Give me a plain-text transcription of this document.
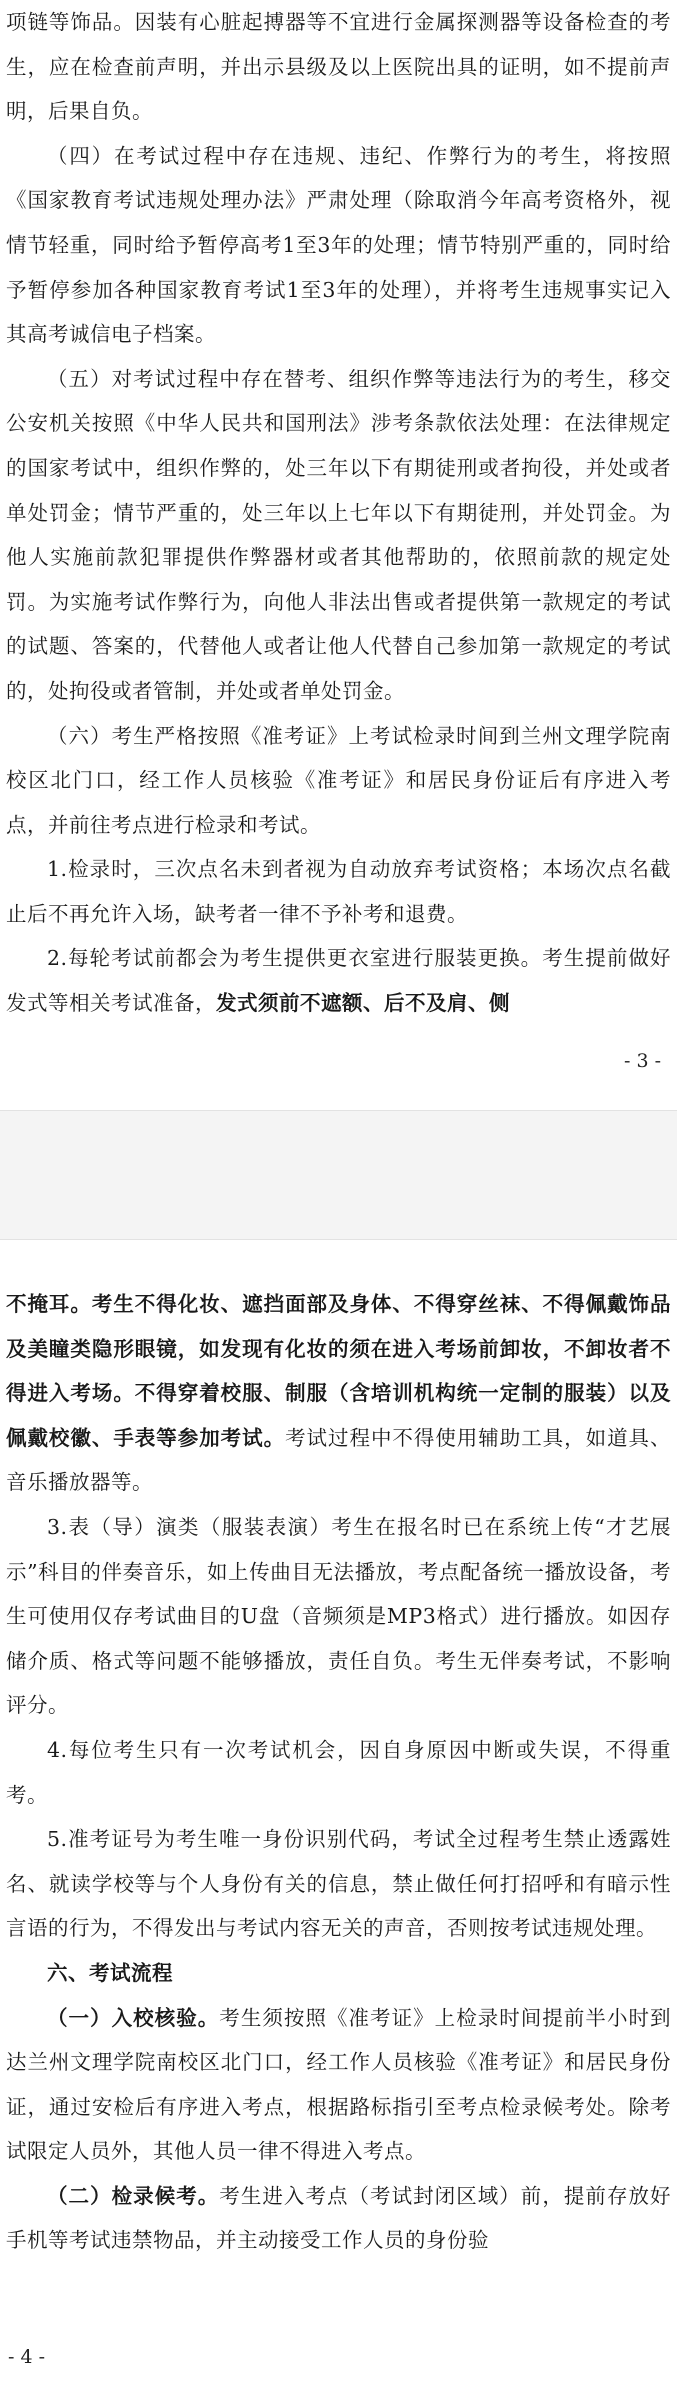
项链等饰品。因装有心脏起搏器等不宜进行金属探测器等设备检查的考生，应在检查前声明，并出示县级及以上医院出具的证明，如不提前声明，后果自负。

（四）在考试过程中存在违规、违纪、作弊行为的考生，将按照《国家教育考试违规处理办法》严肃处理（除取消今年高考资格外，视情节轻重，同时给予暂停高考1至3年的处理；情节特别严重的，同时给予暂停参加各种国家教育考试1至3年的处理），并将考生违规事实记入其高考诚信电子档案。

（五）对考试过程中存在替考、组织作弊等违法行为的考生，移交公安机关按照《中华人民共和国刑法》涉考条款依法处理：在法律规定的国家考试中，组织作弊的，处三年以下有期徒刑或者拘役，并处或者单处罚金；情节严重的，处三年以上七年以下有期徒刑，并处罚金。为他人实施前款犯罪提供作弊器材或者其他帮助的，依照前款的规定处罚。为实施考试作弊行为，向他人非法出售或者提供第一款规定的考试的试题、答案的，代替他人或者让他人代替自己参加第一款规定的考试的，处拘役或者管制，并处或者单处罚金。

（六）考生严格按照《准考证》上考试检录时间到兰州文理学院南校区北门口，经工作人员核验《准考证》和居民身份证后有序进入考点，并前往考点进行检录和考试。

1.检录时，三次点名未到者视为自动放弃考试资格；本场次点名截止后不再允许入场，缺考者一律不予补考和退费。

2.每轮考试前都会为考生提供更衣室进行服装更换。考生提前做好发式等相关考试准备，发式须前不遮额、后不及肩、侧

- 3 -

不掩耳。考生不得化妆、遮挡面部及身体、不得穿丝袜、不得佩戴饰品及美瞳类隐形眼镜，如发现有化妆的须在进入考场前卸妆，不卸妆者不得进入考场。不得穿着校服、制服（含培训机构统一定制的服装）以及佩戴校徽、手表等参加考试。考试过程中不得使用辅助工具，如道具、音乐播放器等。

3.表（导）演类（服装表演）考生在报名时已在系统上传“才艺展示”科目的伴奏音乐，如上传曲目无法播放，考点配备统一播放设备，考生可使用仅存考试曲目的U盘（音频须是MP3格式）进行播放。如因存储介质、格式等问题不能够播放，责任自负。考生无伴奏考试，不影响评分。

4.每位考生只有一次考试机会，因自身原因中断或失误，不得重考。

5.准考证号为考生唯一身份识别代码，考试全过程考生禁止透露姓名、就读学校等与个人身份有关的信息，禁止做任何打招呼和有暗示性言语的行为，不得发出与考试内容无关的声音，否则按考试违规处理。

六、考试流程

（一）入校核验。考生须按照《准考证》上检录时间提前半小时到达兰州文理学院南校区北门口，经工作人员核验《准考证》和居民身份证，通过安检后有序进入考点，根据路标指引至考点检录候考处。除考试限定人员外，其他人员一律不得进入考点。

（二）检录候考。考生进入考点（考试封闭区域）前，提前存放好手机等考试违禁物品，并主动接受工作人员的身份验

- 4 -
